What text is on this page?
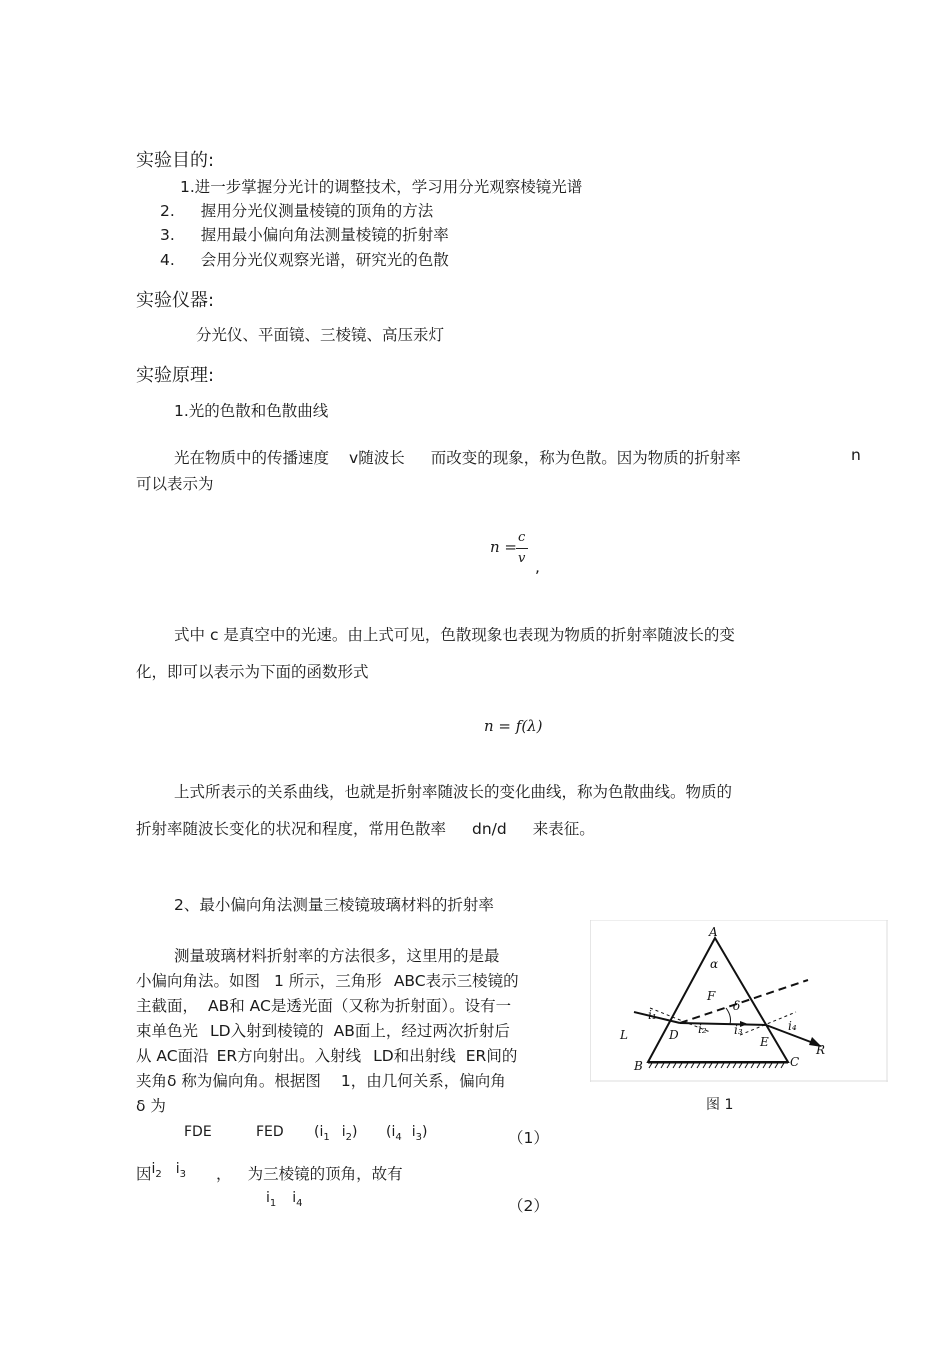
实验目的:
1.进一步掌握分光计的调整技术，学习用分光观察棱镜光谱
2. 握用分光仪测量棱镜的顶角的方法
3. 握用最小偏向角法测量棱镜的折射率
4. 会用分光仪观察光谱，研究光的色散
实验仪器:
分光仪、平面镜、三棱镜、高压汞灯
实验原理:
1.光的色散和色散曲线
光在物质中的传播速度 v随波长 而改变的现象，称为色散。因为物质的折射率	n
可以表示为
n =
c
v ,
式中 c 是真空中的光速。由上式可见，色散现象也表现为物质的折射率随波长的变
化，即可以表示为下面的函数形式
n = f(λ)
上式所表示的关系曲线，也就是折射率随波长的变化曲线，称为色散曲线。物质的
折射率随波长变化的状况和程度，常用色散率 dn/d 来表征。
2、最小偏向角法测量三棱镜玻璃材料的折射率
测量玻璃材料折射率的方法很多，这里用的是最
小偏向角法。如图 1 所示，三角形 ABC表示三棱镜的
主截面， AB和 AC是透光面（又称为折射面）。设有一
束单色光 LD入射到棱镜的 AB面上，经过两次折射后
从 AC面沿 ER方向射出。入射线 LD和出射线 ER间的
夹角δ 称为偏向角。根据图 1，由几何关系，偏向角
δ 为
FDE	FED ($i_1$ $i_2$) ($i_4$ $i_3$)	（1）
因$i_2$ $i_3$ ， 为三棱镜的顶角，故有
$i_1$ $i_4$	（2）
A
α
F
δ
i₁
D i₂ i₃
E
i₄
L
R
B	C
图 1
